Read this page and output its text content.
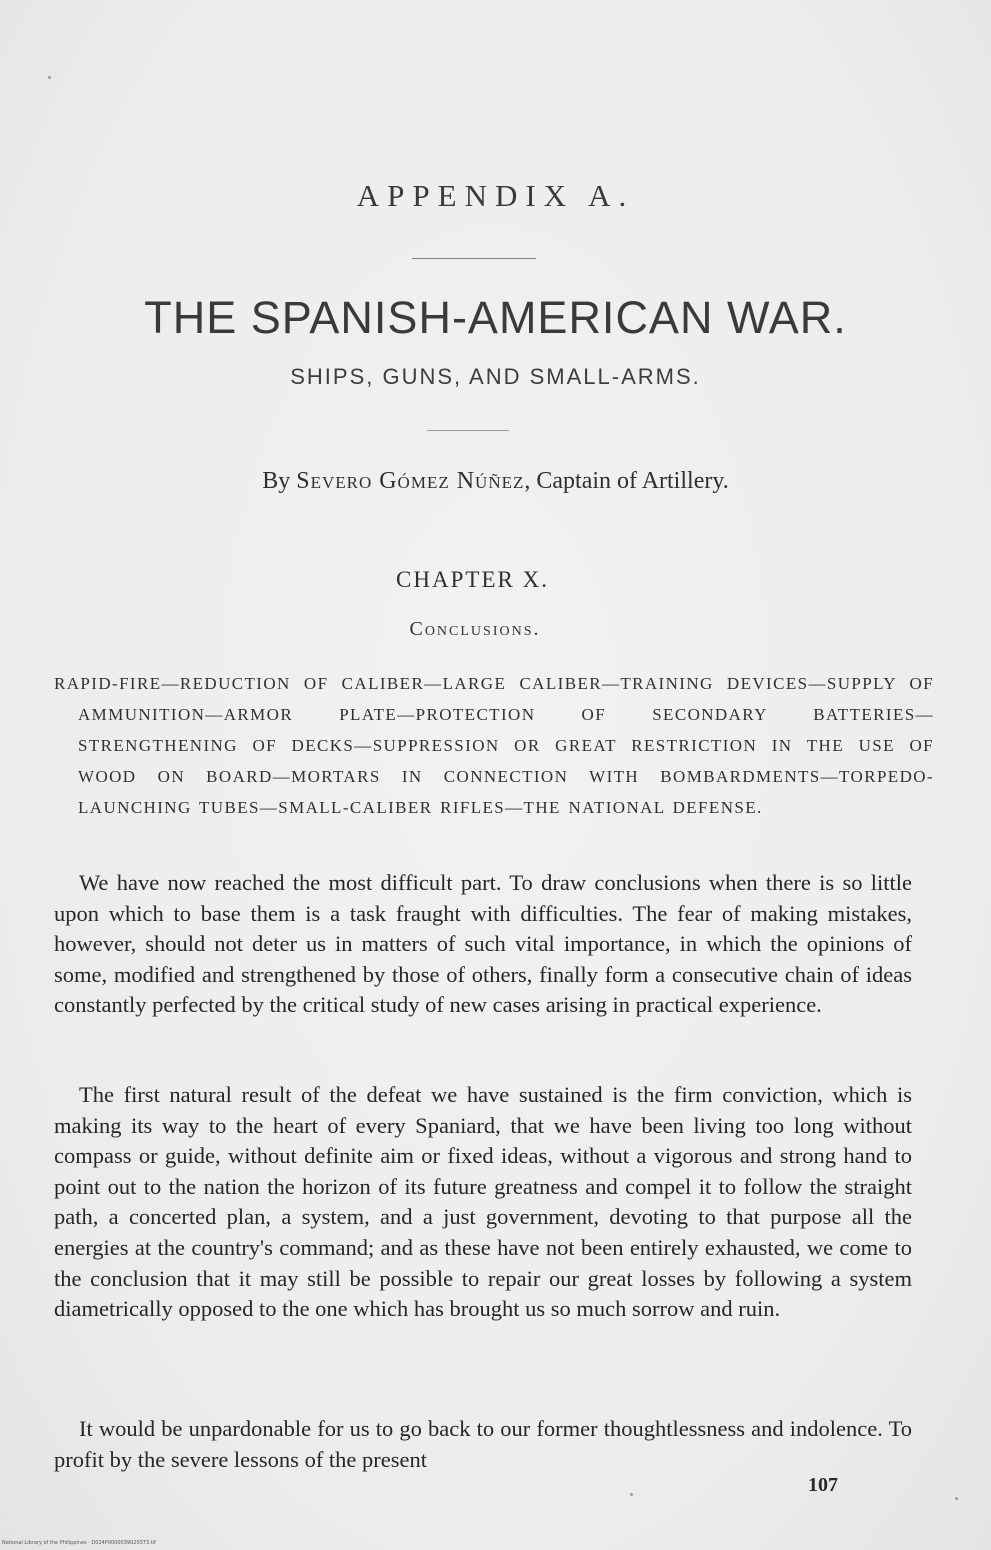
APPENDIX A.
THE SPANISH-AMERICAN WAR.
SHIPS, GUNS, AND SMALL-ARMS.
By Severo Gómez Núñez, Captain of Artillery.
CHAPTER X.
Conclusions.

RAPID-FIRE—REDUCTION OF CALIBER—LARGE CALIBER—TRAINING DEVICES—SUPPLY OF AMMUNITION—ARMOR PLATE—PROTECTION OF SECONDARY BATTERIES—STRENGTHENING OF DECKS—SUPPRESSION OR GREAT RESTRICTION IN THE USE OF WOOD ON BOARD—MORTARS IN CONNECTION WITH BOMBARDMENTS—TORPEDO-LAUNCHING TUBES—SMALL-CALIBER RIFLES—THE NATIONAL DEFENSE.

We have now reached the most difficult part. To draw conclusions when there is so little upon which to base them is a task fraught with difficulties. The fear of making mistakes, however, should not deter us in matters of such vital importance, in which the opinions of some, modified and strengthened by those of others, finally form a consecutive chain of ideas constantly perfected by the critical study of new cases arising in practical experience.

The first natural result of the defeat we have sustained is the firm conviction, which is making its way to the heart of every Spaniard, that we have been living too long without compass or guide, without definite aim or fixed ideas, without a vigorous and strong hand to point out to the nation the horizon of its future greatness and compel it to follow the straight path, a concerted plan, a system, and a just government, devoting to that purpose all the energies at the country's command; and as these have not been entirely exhausted, we come to the conclusion that it may still be possible to repair our great losses by following a system diametrically opposed to the one which has brought us so much sorrow and ruin.

It would be unpardonable for us to go back to our former thoughtlessness and indolence. To profit by the severe lessons of the present

107
National Library of the Philippines · D024P0000039020373.tif
